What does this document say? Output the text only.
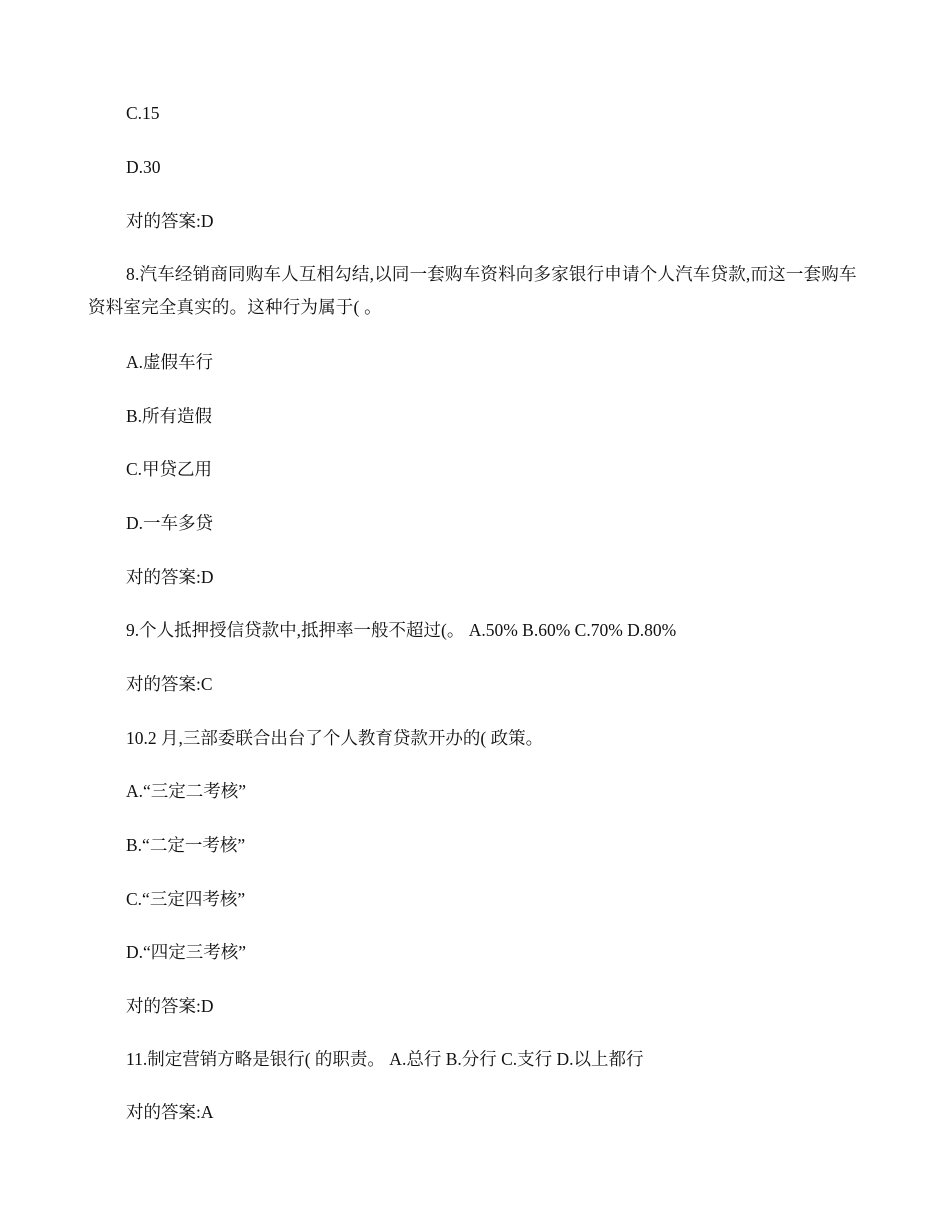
C.15
D.30
对的答案:D
8.汽车经销商同购车人互相勾结,以同一套购车资料向多家银行申请个人汽车贷款,而这一套购车资料室完全真实的。这种行为属于( 。
A.虚假车行
B.所有造假
C.甲贷乙用
D.一车多贷
对的答案:D
9.个人抵押授信贷款中,抵押率一般不超过(。 A.50% B.60% C.70% D.80%
对的答案:C
10.2 月,三部委联合出台了个人教育贷款开办的( 政策。
A.“三定二考核”
B.“二定一考核”
C.“三定四考核”
D.“四定三考核”
对的答案:D
11.制定营销方略是银行( 的职责。 A.总行 B.分行 C.支行 D.以上都行
对的答案:A
